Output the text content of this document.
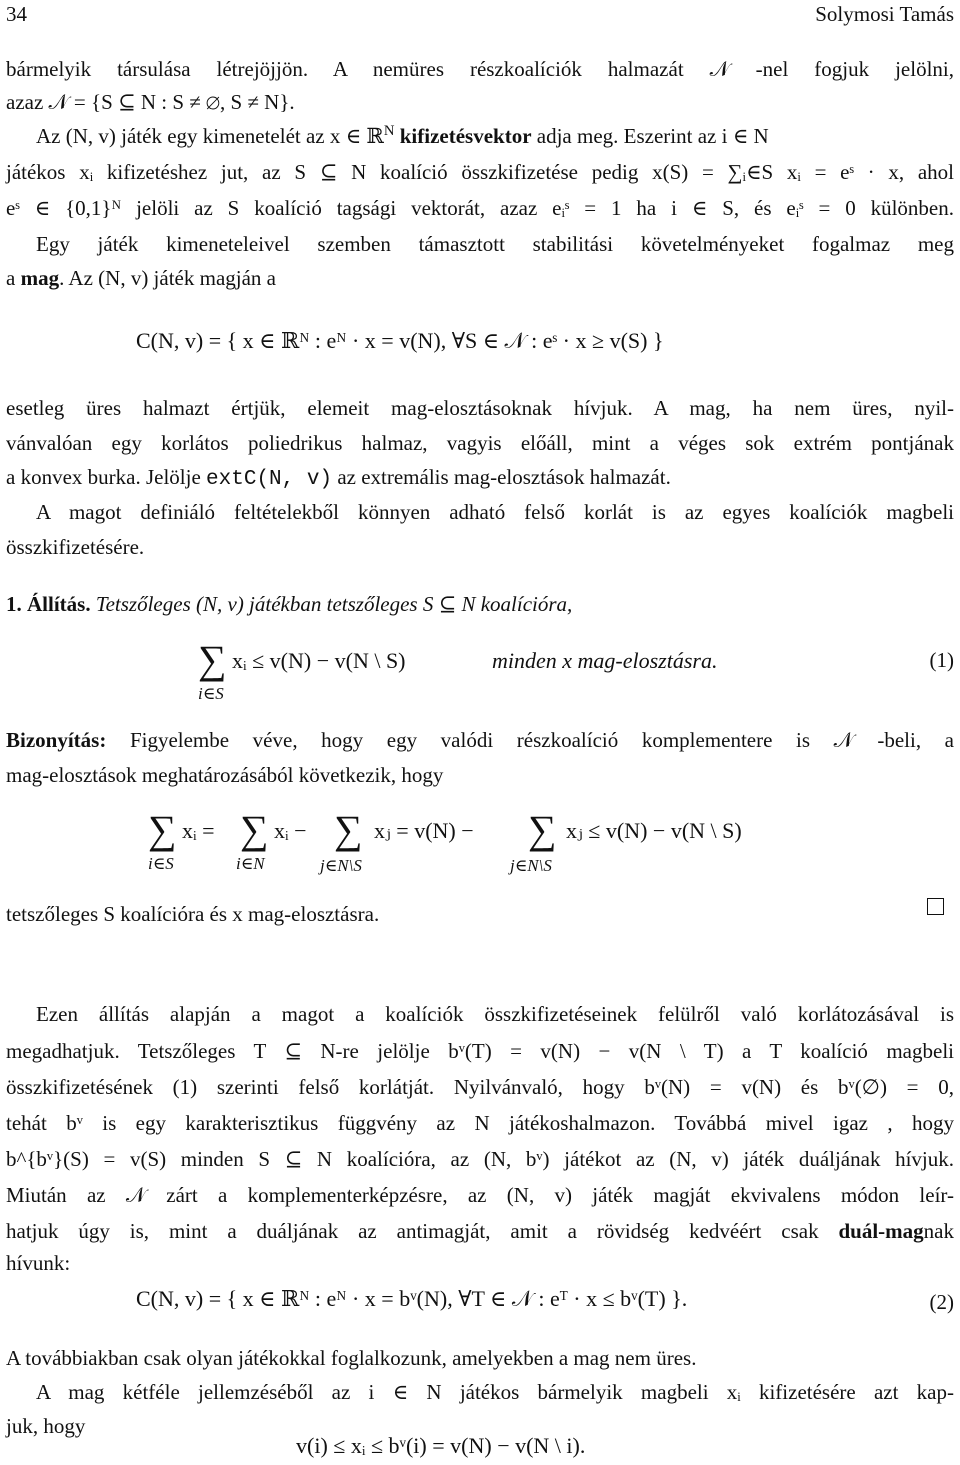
34	Solymosi Tamás
bármelyik társulása létrejöjjön. A nemüres részkoalíciók halmazát 𝒩 -nel fogjuk jelölni,
azaz 𝒩 = {S ⊆ N : S ≠ ∅, S ≠ N}.
Az (N, v) játék egy kimenetelét az x ∈ ℝ$^N$ kifizetésvektor adja meg. Eszerint az i ∈ N
játékos xᵢ kifizetéshez jut, az S ⊆ N koalíció összkifizetése pedig x(S) = ∑ᵢ∈S xᵢ = eˢ · x, ahol
eˢ ∈ {0,1}ᴺ jelöli az S koalíció tagsági vektorát, azaz eᵢˢ = 1 ha i ∈ S, és eᵢˢ = 0 különben.
Egy játék kimeneteleivel szemben támasztott stabilitási követelményeket fogalmaz meg
a mag. Az (N, v) játék magján a
C(N, v) = { x ∈ ℝᴺ : eᴺ · x = v(N), ∀S ∈ 𝒩 : eˢ · x ≥ v(S) }
esetleg üres halmazt értjük, elemeit mag-elosztásoknak hívjuk. A mag, ha nem üres, nyil-
vánvalóan egy korlátos poliedrikus halmaz, vagyis előáll, mint a véges sok extrém pontjának
a konvex burka. Jelölje extC(N, v) az extremális mag-elosztások halmazát.
A magot definiáló feltételekből könnyen adható felső korlát is az egyes koalíciók magbeli
összkifizetésére.
1. Állítás. Tetszőleges (N, v) játékban tetszőleges S ⊆ N koalícióra,
∑
i∈S
xᵢ ≤ v(N) − v(N \ S)	minden x mag-elosztásra.	(1)
Bizonyítás: Figyelembe véve, hogy egy valódi részkoalíció komplementere is 𝒩 -beli, a
mag-elosztások meghatározásából következik, hogy
∑
i∈S
xᵢ = ∑
i∈N
xᵢ − ∑
j∈N\S
xⱼ = v(N) − ∑
j∈N\S
xⱼ ≤ v(N) − v(N \ S)
tetszőleges S koalícióra és x mag-elosztásra.
Ezen állítás alapján a magot a koalíciók összkifizetéseinek felülről való korlátozásával is
megadhatjuk. Tetszőleges T ⊆ N-re jelölje bᵛ(T) = v(N) − v(N \ T) a T koalíció magbeli
összkifizetésének (1) szerinti felső korlátját. Nyilvánvaló, hogy bᵛ(N) = v(N) és bᵛ(∅) = 0,
tehát bᵛ is egy karakterisztikus függvény az N játékoshalmazon. Továbbá mivel igaz , hogy
b^{bᵛ}(S) = v(S) minden S ⊆ N koalícióra, az (N, bᵛ) játékot az (N, v) játék duáljának hívjuk.
Miután az 𝒩 zárt a komplementerképzésre, az (N, v) játék magját ekvivalens módon leír-
hatjuk úgy is, mint a duáljának az antimagját, amit a rövidség kedvéért csak duál-magnak
hívunk:
C(N, v) = { x ∈ ℝᴺ : eᴺ · x = bᵛ(N), ∀T ∈ 𝒩 : eᵀ · x ≤ bᵛ(T) }.	(2)
A továbbiakban csak olyan játékokkal foglalkozunk, amelyekben a mag nem üres.
A mag kétféle jellemzéséből az i ∈ N játékos bármelyik magbeli xᵢ kifizetésére azt kap-
juk, hogy
v(i) ≤ xᵢ ≤ bᵛ(i) = v(N) − v(N \ i).
